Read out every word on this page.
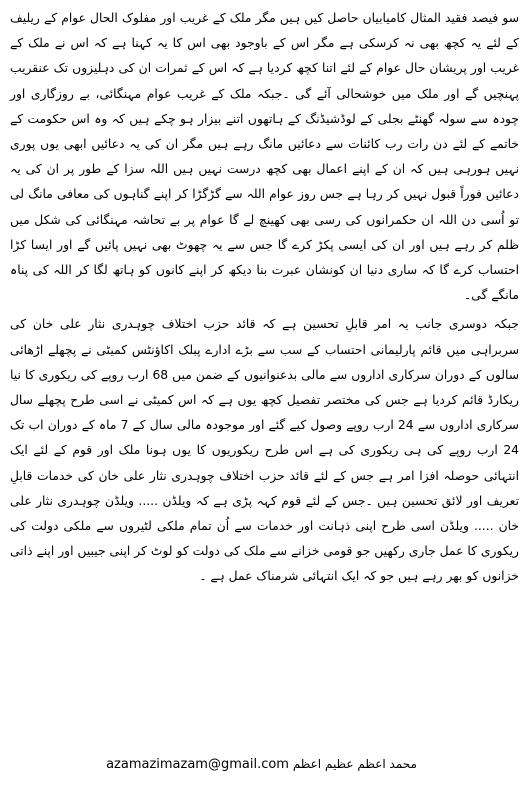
سو فیصد فقید المثال کامیابیاں حاصل کیں ہیں مگر ملک کے غریب اور مفلوک الحال عوام کے ریلیف کے لئے یہ کچھ بھی نہ کرسکی ہے مگر اس کے باوجود بھی اس کا یہ کہنا ہے کہ اس نے ملک کے غریب اور پریشان حال عوام کے لئے اتنا کچھ کردیا ہے کہ اس کے ثمرات ان کی دہلیزوں تک عنقریب پہنچیں گے اور ملک میں خوشحالی آئے گی ۔جبکہ ملک کے غریب عوام مہنگائی، بے روزگاری اور چودہ سے سولہ گھنٹے بجلی کے لوڈشیڈنگ کے ہاتھوں اتنے بیزار ہو چکے ہیں کہ وہ اس حکومت کے خاتمے کے لئے دن رات رب کائنات سے دعائیں مانگ رہے ہیں مگر ان کی یہ دعائیں ابھی یوں پوری نہیں ہورہی ہیں کہ ان کے اپنے اعمال بھی کچھ درست نہیں ہیں اللہ سزا کے طور پر ان کی یہ دعائیں فوراً قبول نہیں کر رہا ہے جس روز عوام اللہ سے گڑگڑا کر اپنے گناہوں کی معافی مانگ لی تو اُسی دن اللہ ان حکمرانوں کی رسی بھی کھینچ لے گا عوام پر بے تحاشہ مہنگائی کی شکل میں ظلم کر رہے ہیں اور ان کی ایسی پکڑ کرے گا جس سے یہ چھوٹ بھی نہیں پائیں گے اور ایسا کڑا احتساب کرے گا کہ ساری دنیا ان کونشان عبرت بنا دیکھ کر اپنے کانوں کو ہاتھ لگا کر اللہ کی پناہ مانگے گی۔

جبکہ دوسری جانب یہ امر قابلِ تحسین ہے کہ قائد حزب اختلاف چوہدری نثار علی خان کی سربراہی میں قائم پارلیمانی احتساب کے سب سے بڑے ادارے پبلک اکاؤنٹس کمیٹی نے پچھلے اڑھائی سالوں کے دوران سرکاری اداروں سے مالی بدعنوانیوں کے ضمن میں 68 ارب روپے کی ریکوری کا نیا ریکارڈ قائم کردیا ہے جس کی مختصر تفصیل کچھ یوں ہے کہ اس کمیٹی نے اسی طرح پچھلے سال سرکاری اداروں سے 24 ارب روپے وصول کیے گئے اور موجودہ مالی سال کے 7 ماہ کے دوران اب تک 24 ارب روپے کی ہی ریکوری کی ہے اس طرح ریکوریوں کا یوں ہونا ملک اور قوم کے لئے ایک انتہائی حوصلہ افزا امر ہے جس کے لئے قائد حزب اختلاف چوہدری نثار علی خان کی خدمات قابلِ تعریف اور لائق تحسین ہیں ۔جس کے لئے قوم کہہ پڑی ہے کہ ویلڈن ..... ویلڈن چوہدری نثار علی خان ..... ویلڈن اسی طرح اپنی ذہانت اور خدمات سے اُن تمام ملکی لٹیروں سے ملکی دولت کی ریکوری کا عمل جاری رکھیں جو قومی خزانے سے ملک کی دولت کو لوٹ کر اپنی جیبیں اور اپنے ذاتی خزانوں کو بھر رہے ہیں جو کہ ایک انتہائی شرمناک عمل ہے ۔

azamazimazam@gmail.com محمد اعظم عظیم اعظم
